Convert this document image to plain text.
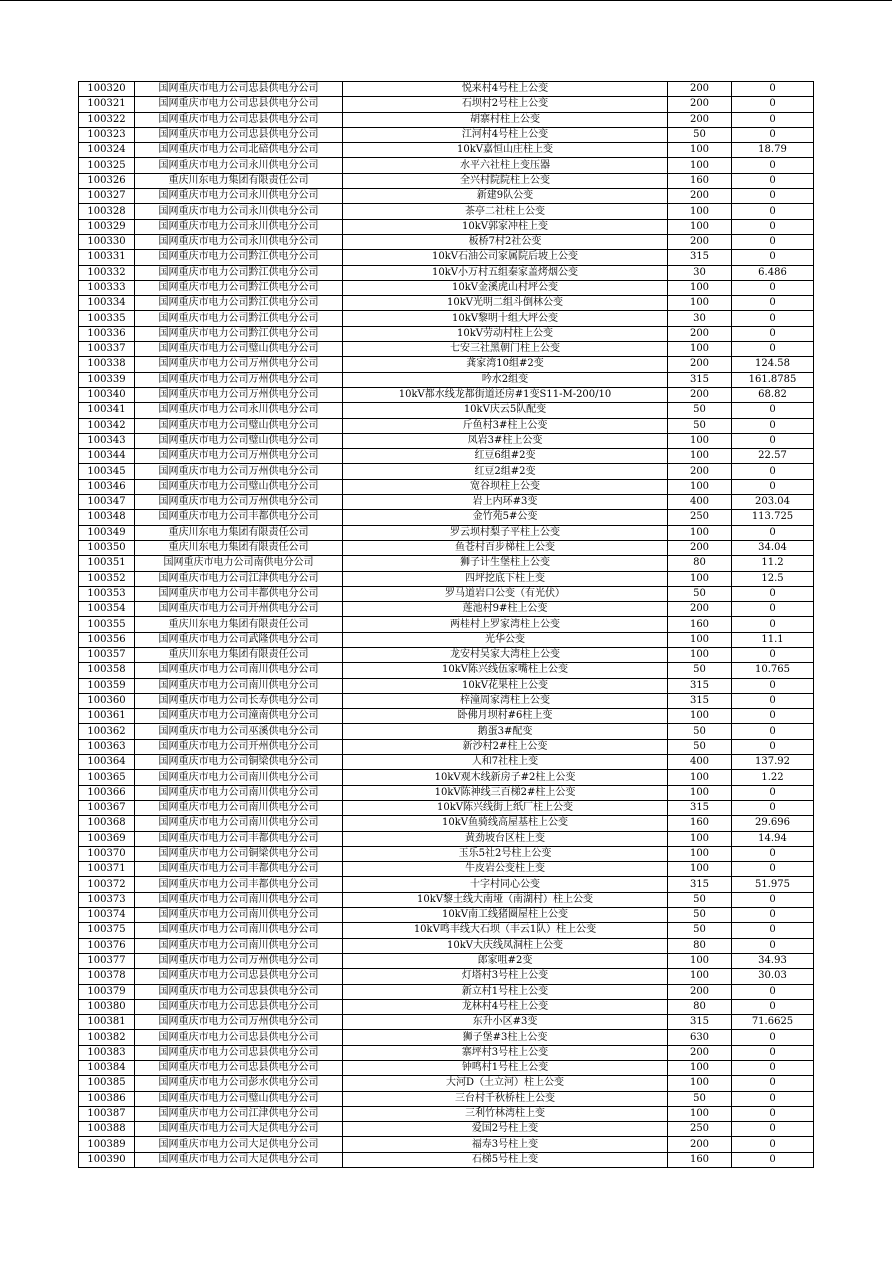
100320	国网重庆市电力公司忠县供电分公司	悦来村4号柱上公变	200	0
100321	国网重庆市电力公司忠县供电分公司	石坝村2号柱上公变	200	0
100322	国网重庆市电力公司忠县供电分公司	胡寨村柱上公变	200	0
100323	国网重庆市电力公司忠县供电分公司	江河村4号柱上公变	50	0
100324	国网重庆市电力公司北碚供电分公司	10kV嘉恒山庄柱上变	100	18.79
100325	国网重庆市电力公司永川供电分公司	水平六社柱上变压器	100	0
100326	重庆川东电力集团有限责任公司	全兴村院院柱上公变	160	0
100327	国网重庆市电力公司永川供电分公司	新建9队公变	200	0
100328	国网重庆市电力公司永川供电分公司	茶亭二社柱上公变	100	0
100329	国网重庆市电力公司永川供电分公司	10kV郭家冲柱上变	100	0
100330	国网重庆市电力公司永川供电分公司	板桥7村2社公变	200	0
100331	国网重庆市电力公司黔江供电分公司	10kV石油公司家属院后坡上公变	315	0
100332	国网重庆市电力公司黔江供电分公司	10kV小万村五组秦家盖烤烟公变	30	6.486
100333	国网重庆市电力公司黔江供电分公司	10kV金溪虎山村坪公变	100	0
100334	国网重庆市电力公司黔江供电分公司	10kV光明二组斗倒林公变	100	0
100335	国网重庆市电力公司黔江供电分公司	10kV黎明十组大坪公变	30	0
100336	国网重庆市电力公司黔江供电分公司	10kV劳动村柱上公变	200	0
100337	国网重庆市电力公司璧山供电分公司	七安三社黑朝门柱上公变	100	0
100338	国网重庆市电力公司万州供电分公司	龚家湾10组#2变	200	124.58
100339	国网重庆市电力公司万州供电分公司	吟水2组变	315	161.8785
100340	国网重庆市电力公司万州供电分公司	10kV都水线龙都街道还房#1变S11-M-200/10	200	68.82
100341	国网重庆市电力公司永川供电分公司	10kV庆云5队配变	50	0
100342	国网重庆市电力公司璧山供电分公司	斤鱼村3#柱上公变	50	0
100343	国网重庆市电力公司璧山供电分公司	凤岩3#柱上公变	100	0
100344	国网重庆市电力公司万州供电分公司	红豆6组#2变	100	22.57
100345	国网重庆市电力公司万州供电分公司	红豆2组#2变	200	0
100346	国网重庆市电力公司璧山供电分公司	宽谷坝柱上公变	100	0
100347	国网重庆市电力公司万州供电分公司	岩上内环#3变	400	203.04
100348	国网重庆市电力公司丰都供电分公司	金竹苑5#公变	250	113.725
100349	重庆川东电力集团有限责任公司	罗云坝村梨子平柱上公变	100	0
100350	重庆川东电力集团有限责任公司	鱼苍村百步梯柱上公变	200	34.04
100351	国网重庆市电力公司南供电分公司	狮子计生堡柱上公变	80	11.2
100352	国网重庆市电力公司江津供电分公司	四坪挖底下柱上变	100	12.5
100353	国网重庆市电力公司丰都供电分公司	罗马道岩口公变（有光伏）	50	0
100354	国网重庆市电力公司开州供电分公司	莲池村9#柱上公变	200	0
100355	重庆川东电力集团有限责任公司	两桂村上罗家湾柱上公变	160	0
100356	国网重庆市电力公司武隆供电分公司	光华公变	100	11.1
100357	重庆川东电力集团有限责任公司	龙安村吴家大湾柱上公变	100	0
100358	国网重庆市电力公司南川供电分公司	10kV陈兴线伍家嘴柱上公变	50	10.765
100359	国网重庆市电力公司南川供电分公司	10kV花果柱上公变	315	0
100360	国网重庆市电力公司长寿供电分公司	梓潼周家湾柱上公变	315	0
100361	国网重庆市电力公司潼南供电分公司	卧佛月坝村#6柱上变	100	0
100362	国网重庆市电力公司巫溪供电分公司	鹅蛋3#配变	50	0
100363	国网重庆市电力公司开州供电分公司	新沙村2#柱上公变	50	0
100364	国网重庆市电力公司铜梁供电分公司	人和7社柱上变	400	137.92
100365	国网重庆市电力公司南川供电分公司	10kV观木线新房子#2柱上公变	100	1.22
100366	国网重庆市电力公司南川供电分公司	10kV陈神线三百梯2#柱上公变	100	0
100367	国网重庆市电力公司南川供电分公司	10kV陈兴线街上纸厂柱上公变	315	0
100368	国网重庆市电力公司南川供电分公司	10kV鱼骑线高屋基柱上公变	160	29.696
100369	国网重庆市电力公司丰都供电分公司	黄劲坡台区柱上变	100	14.94
100370	国网重庆市电力公司铜梁供电分公司	玉乐5社2号柱上公变	100	0
100371	国网重庆市电力公司丰都供电分公司	牛皮岩公变柱上变	100	0
100372	国网重庆市电力公司丰都供电分公司	十字村同心公变	315	51.975
100373	国网重庆市电力公司南川供电分公司	10kV黎土线大南垭（南湖村）柱上公变	50	0
100374	国网重庆市电力公司南川供电分公司	10kV南工线猪圈屋柱上公变	50	0
100375	国网重庆市电力公司南川供电分公司	10kV鸣丰线大石坝（丰云1队）柱上公变	50	0
100376	国网重庆市电力公司南川供电分公司	10kV大庆线凤洞柱上公变	80	0
100377	国网重庆市电力公司万州供电分公司	郎家咀#2变	100	34.93
100378	国网重庆市电力公司忠县供电分公司	灯塔村3号柱上公变	100	30.03
100379	国网重庆市电力公司忠县供电分公司	新立村1号柱上公变	200	0
100380	国网重庆市电力公司忠县供电分公司	龙林村4号柱上公变	80	0
100381	国网重庆市电力公司万州供电分公司	东升小区#3变	315	71.6625
100382	国网重庆市电力公司忠县供电分公司	狮子堡#3柱上公变	630	0
100383	国网重庆市电力公司忠县供电分公司	寨坪村3号柱上公变	200	0
100384	国网重庆市电力公司忠县供电分公司	钟鸣村1号柱上公变	100	0
100385	国网重庆市电力公司彭水供电分公司	大河D（土立河）柱上公变	100	0
100386	国网重庆市电力公司璧山供电分公司	三台村千秋桥柱上公变	50	0
100387	国网重庆市电力公司江津供电分公司	三利竹林湾柱上变	100	0
100388	国网重庆市电力公司大足供电分公司	爱国2号柱上变	250	0
100389	国网重庆市电力公司大足供电分公司	福寿3号柱上变	200	0
100390	国网重庆市电力公司大足供电分公司	石梯5号柱上变	160	0
